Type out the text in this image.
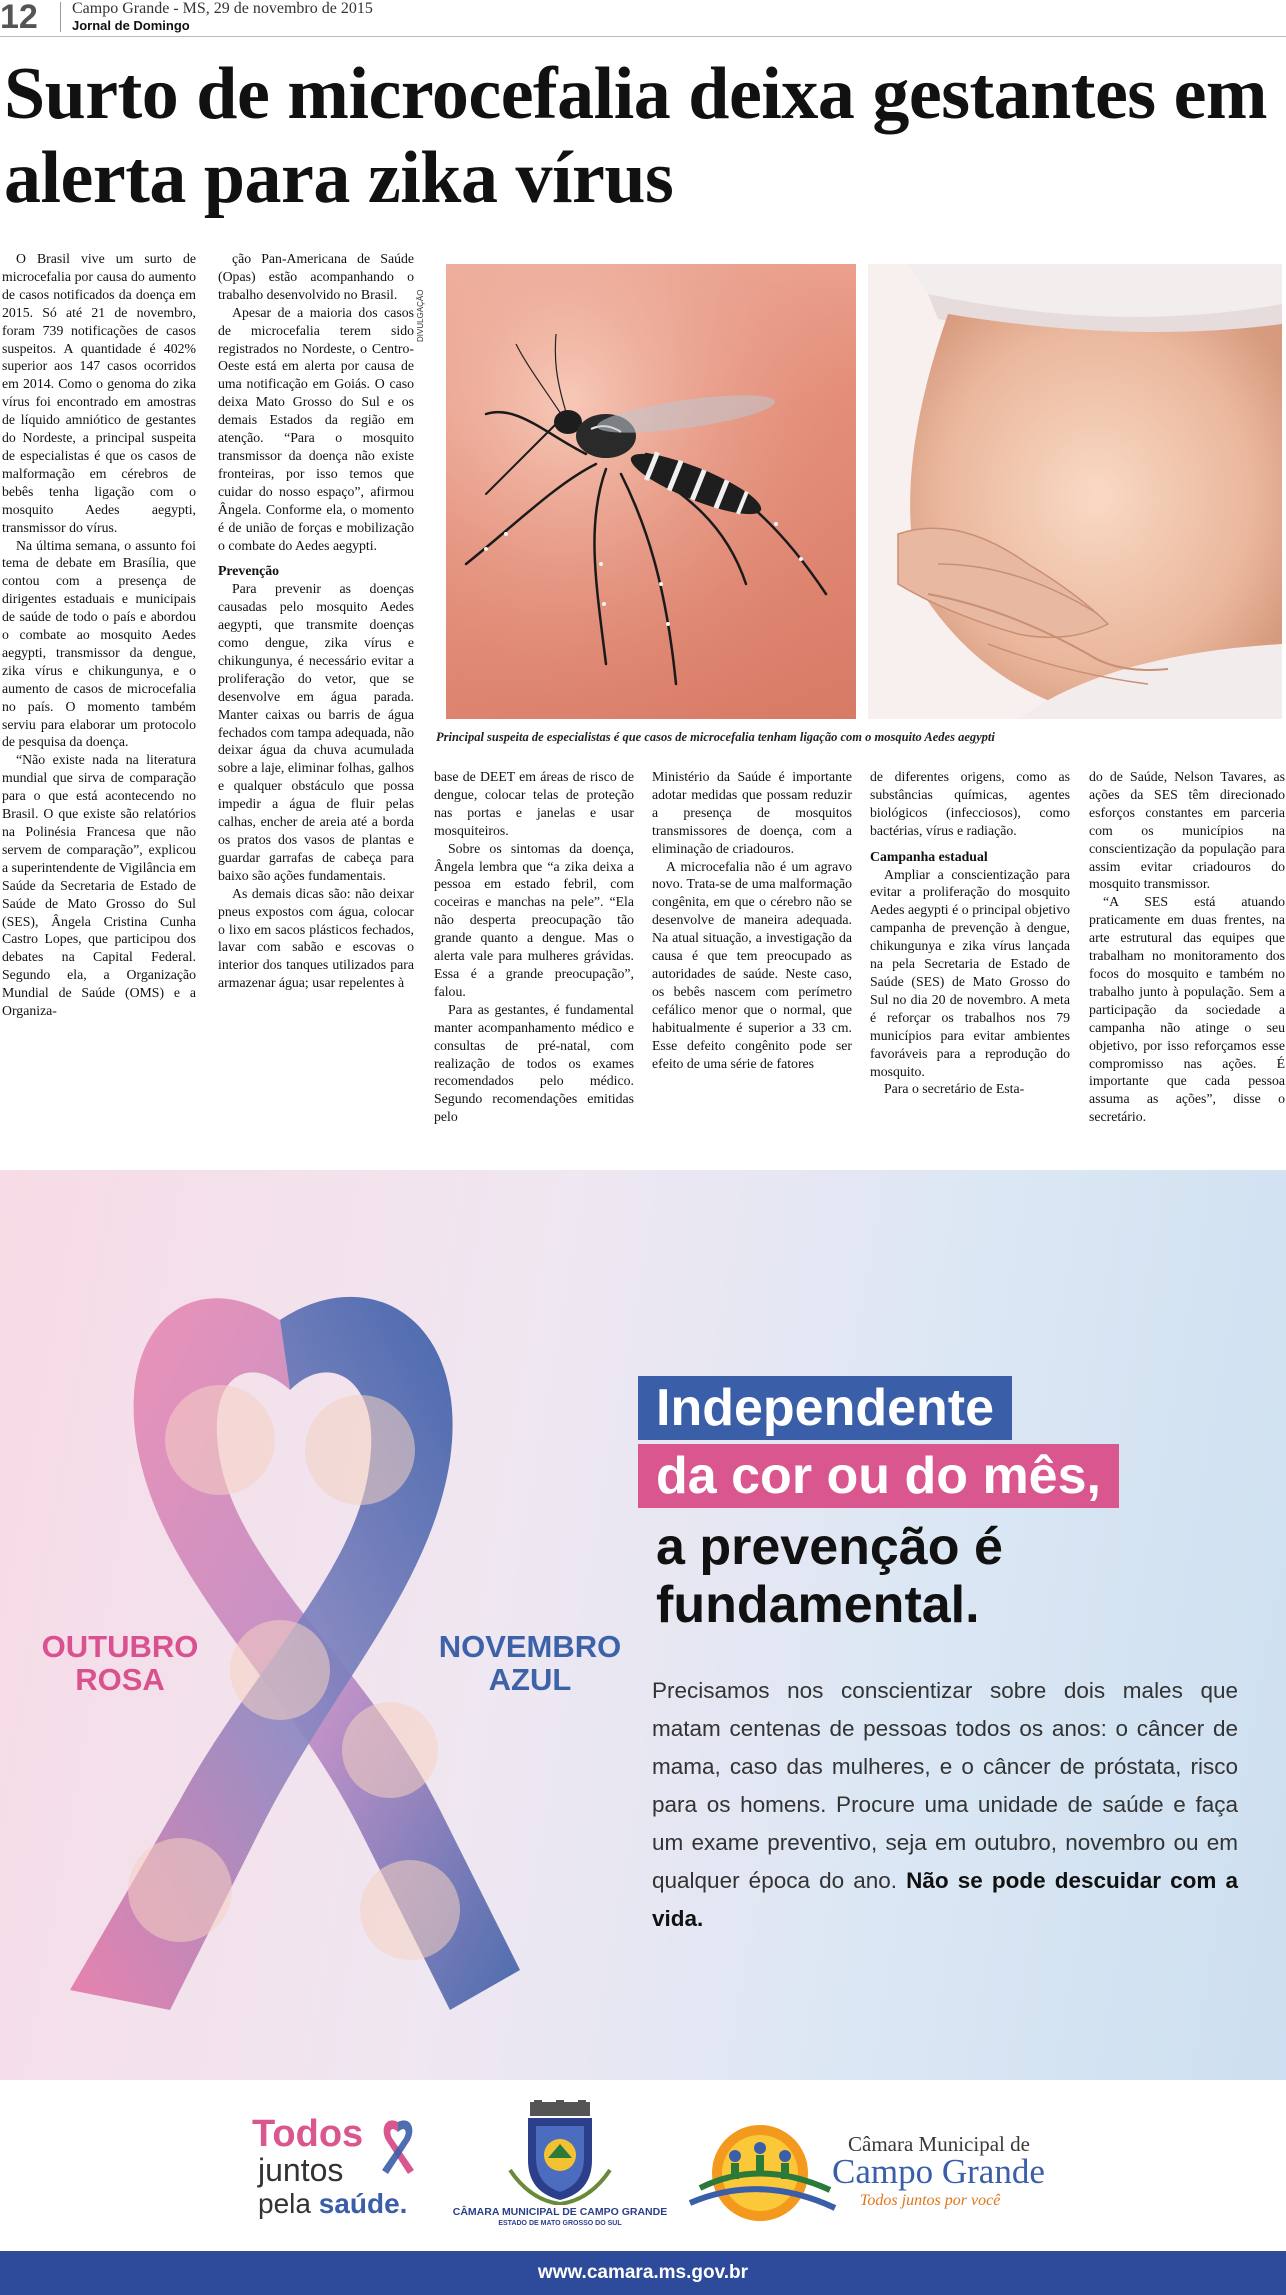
12 Campo Grande - MS, 29 de novembro de 2015
Jornal de Domingo
Surto de microcefalia deixa gestantes em alerta para zika vírus

O Brasil vive um surto de microcefalia por causa do aumento de casos notificados da doença em 2015. Só até 21 de novembro, foram 739 notificações de casos suspeitos. A quantidade é 402% superior aos 147 casos ocorridos em 2014. Como o genoma do zika vírus foi encontrado em amostras de líquido amniótico de gestantes do Nordeste, a principal suspeita de especialistas é que os casos de malformação em cérebros de bebês tenha ligação com o mosquito Aedes aegypti, transmissor do vírus.

Na última semana, o assunto foi tema de debate em Brasília, que contou com a presença de dirigentes estaduais e municipais de saúde de todo o país e abordou o combate ao mosquito Aedes aegypti, transmissor da dengue, zika vírus e chikungunya, e o aumento de casos de microcefalia no país. O momento também serviu para elaborar um protocolo de pesquisa da doença.

“Não existe nada na literatura mundial que sirva de comparação para o que está acontecendo no Brasil. O que existe são relatórios na Polinésia Francesa que não servem de comparação”, explicou a superintendente de Vigilância em Saúde da Secretaria de Estado de Saúde de Mato Grosso do Sul (SES), Ângela Cristina Cunha Castro Lopes, que participou dos debates na Capital Federal. Segundo ela, a Organização Mundial de Saúde (OMS) e a Organiza-

ção Pan-Americana de Saúde (Opas) estão acompanhando o trabalho desenvolvido no Brasil.

Apesar de a maioria dos casos de microcefalia terem sido registrados no Nordeste, o Centro-Oeste está em alerta por causa de uma notificação em Goiás. O caso deixa Mato Grosso do Sul e os demais Estados da região em atenção. “Para o mosquito transmissor da doença não existe fronteiras, por isso temos que cuidar do nosso espaço”, afirmou Ângela. Conforme ela, o momento é de união de forças e mobilização o combate do Aedes aegypti.

Prevenção

Para prevenir as doenças causadas pelo mosquito Aedes aegypti, que transmite doenças como dengue, zika vírus e chikungunya, é necessário evitar a proliferação do vetor, que se desenvolve em água parada. Manter caixas ou barris de água fechados com tampa adequada, não deixar água da chuva acumulada sobre a laje, eliminar folhas, galhos e qualquer obstáculo que possa impedir a água de fluir pelas calhas, encher de areia até a borda os pratos dos vasos de plantas e guardar garrafas de cabeça para baixo são ações fundamentais.

As demais dicas são: não deixar pneus expostos com água, colocar o lixo em sacos plásticos fechados, lavar com sabão e escovas o interior dos tanques utilizados para armazenar água; usar repelentes à

DIVULGAÇÃO
Principal suspeita de especialistas é que casos de microcefalia tenham ligação com o mosquito Aedes aegypti

base de DEET em áreas de risco de dengue, colocar telas de proteção nas portas e janelas e usar mosquiteiros.

Sobre os sintomas da doença, Ângela lembra que “a zika deixa a pessoa em estado febril, com coceiras e manchas na pele”. “Ela não desperta preocupação tão grande quanto a dengue. Mas o alerta vale para mulheres grávidas. Essa é a grande preocupação”, falou.

Para as gestantes, é fundamental manter acompanhamento médico e consultas de pré-natal, com realização de todos os exames recomendados pelo médico. Segundo recomendações emitidas pelo

Ministério da Saúde é importante adotar medidas que possam reduzir a presença de mosquitos transmissores de doença, com a eliminação de criadouros.

A microcefalia não é um agravo novo. Trata-se de uma malformação congênita, em que o cérebro não se desenvolve de maneira adequada. Na atual situação, a investigação da causa é que tem preocupado as autoridades de saúde. Neste caso, os bebês nascem com perímetro cefálico menor que o normal, que habitualmente é superior a 33 cm. Esse defeito congênito pode ser efeito de uma série de fatores

de diferentes origens, como as substâncias químicas, agentes biológicos (infecciosos), como bactérias, vírus e radiação.

Campanha estadual

Ampliar a conscientização para evitar a proliferação do mosquito Aedes aegypti é o principal objetivo campanha de prevenção à dengue, chikungunya e zika vírus lançada na pela Secretaria de Estado de Saúde (SES) de Mato Grosso do Sul no dia 20 de novembro. A meta é reforçar os trabalhos nos 79 municípios para evitar ambientes favoráveis para a reprodução do mosquito.

Para o secretário de Esta-

do de Saúde, Nelson Tavares, as ações da SES têm direcionado esforços constantes em parceria com os municípios na conscientização da população para assim evitar criadouros do mosquito transmissor.

“A SES está atuando praticamente em duas frentes, na arte estrutural das equipes que trabalham no monitoramento dos focos do mosquito e também no trabalho junto à população. Sem a participação da sociedade a campanha não atinge o seu objetivo, por isso reforçamos esse compromisso nas ações. É importante que cada pessoa assuma as ações”, disse o secretário.

OUTUBRO
ROSA
NOVEMBRO
AZUL
Independente
da cor ou do mês,
a prevenção é fundamental.
Precisamos nos conscientizar sobre dois males que matam centenas de pessoas todos os anos: o câncer de mama, caso das mulheres, e o câncer de próstata, risco para os homens. Procure uma unidade de saúde e faça um exame preventivo, seja em outubro, novembro ou em qualquer época do ano. Não se pode descuidar com a vida.
Todos
juntos
pela saúde.	CÂMARA MUNICIPAL DE CAMPO GRANDE
ESTADO DE MATO GROSSO DO SUL
Câmara Municipal de
Campo Grande
Todos juntos por você
www.camara.ms.gov.br
